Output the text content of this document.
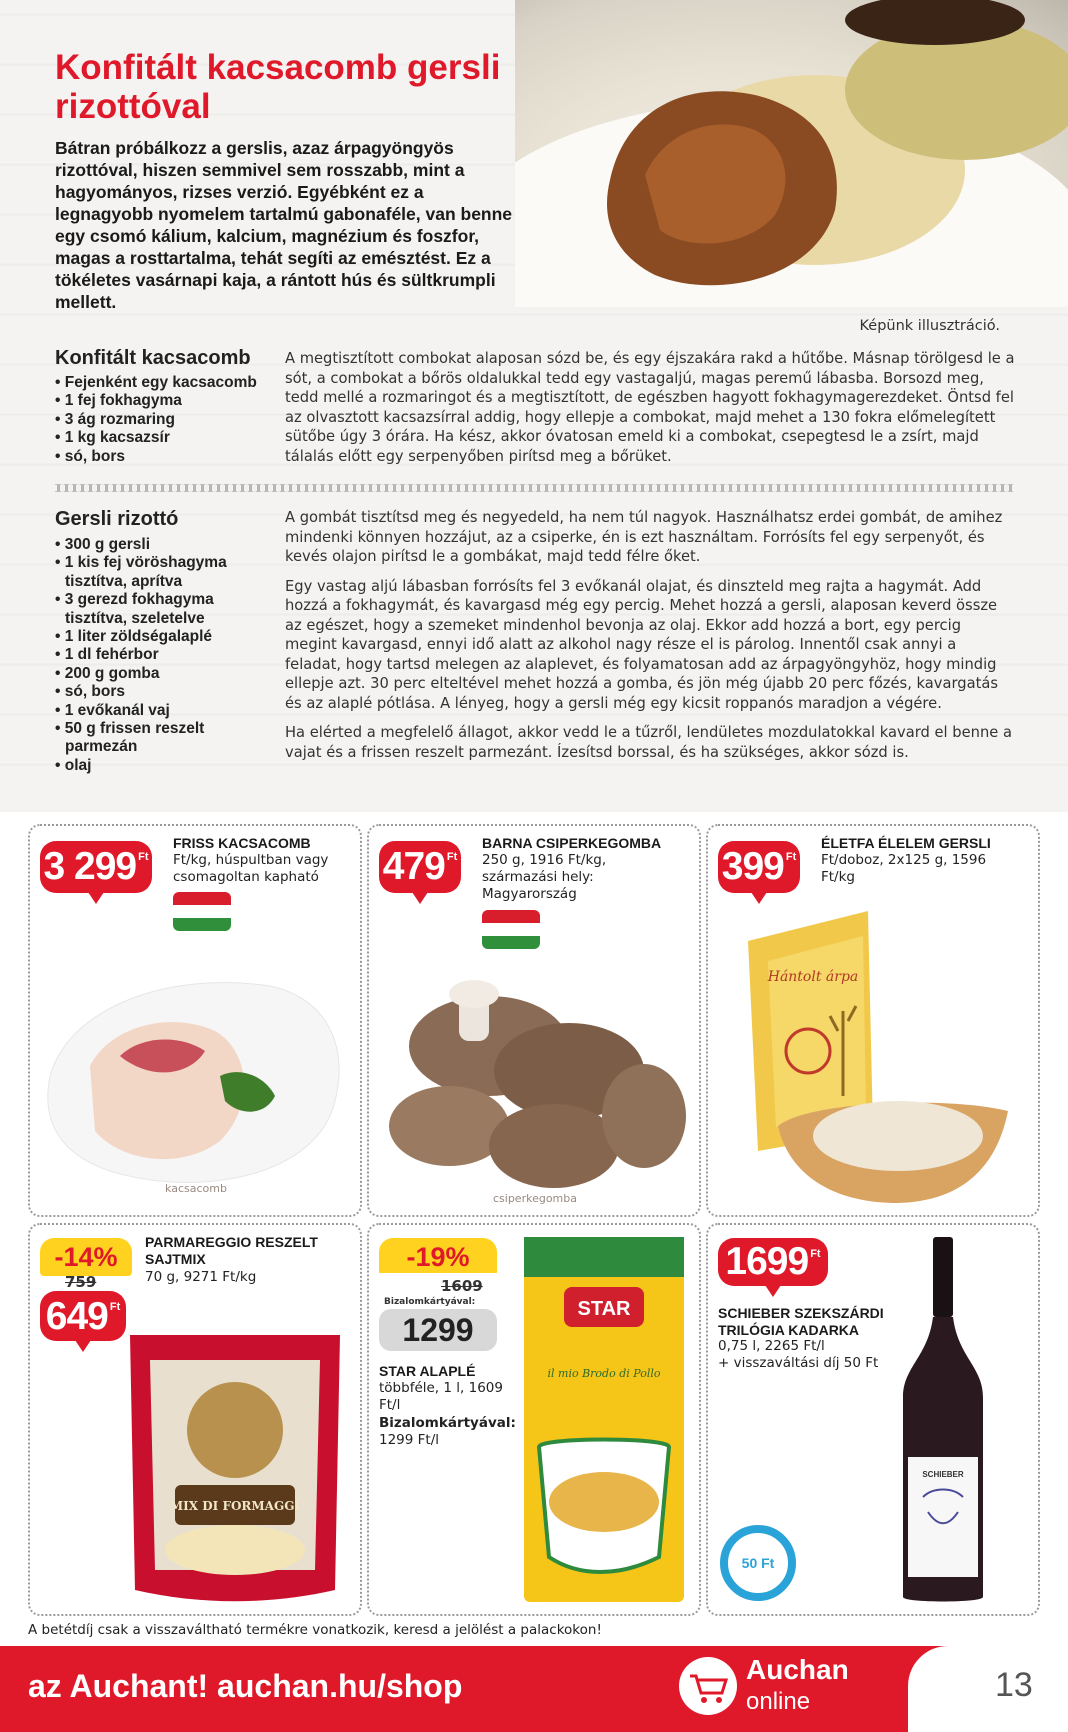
Konfitált kacsacomb gersli rizottóval
Bátran próbálkozz a gerslis, azaz árpagyöngyös rizottóval, hiszen semmivel sem rosszabb, mint a hagyományos, rizses verzió. Egyébként ez a legnagyobb nyomelem tartalmú gabonaféle, van benne egy csomó kálium, kalcium, magnézium és foszfor, magas a rosttartalma, tehát segíti az emésztést. Ez a tökéletes vasárnapi kaja, a rántott hús és sültkrumpli mellett.
Képünk illusztráció.
Konfitált kacsacomb
• Fejenként egy kacsacomb
• 1 fej fokhagyma
• 3 ág rozmaring
• 1 kg kacsazsír
• só, bors

A megtisztított combokat alaposan sózd be, és egy éjszakára rakd a hűtőbe. Másnap törölgesd le a sót, a combokat a bőrös oldalukkal tedd egy vastagaljú, magas peremű lábasba. Borsozd meg, tedd mellé a rozmaringot és a megtisztított, de egészben hagyott fokhagymagerezdeket. Öntsd fel az olvasztott kacsazsírral addig, hogy ellepje a combokat, majd mehet a 130 fokra előmelegített sütőbe úgy 3 órára. Ha kész, akkor óvatosan emeld ki a combokat, csepegtesd le a zsírt, majd tálalás előtt egy serpenyőben pirítsd meg a bőrüket.

Gersli rizottó
• 300 g gersli
• 1 kis fej vöröshagyma tisztítva, aprítva
• 3 gerezd fokhagyma tisztítva, szeletelve
• 1 liter zöldségalaplé
• 1 dl fehérbor
• 200 g gomba
• só, bors
• 1 evőkanál vaj
• 50 g frissen reszelt parmezán
• olaj

A gombát tisztítsd meg és negyedeld, ha nem túl nagyok. Használhatsz erdei gombát, de amihez mindenki könnyen hozzájut, az a csiperke, én is ezt használtam. Forrósíts fel egy serpenyőt, és kevés olajon pirítsd le a gombákat, majd tedd félre őket.

Egy vastag aljú lábasban forrósíts fel 3 evőkanál olajat, és dinszteld meg rajta a hagymát. Add hozzá a fokhagymát, és kavargasd még egy percig. Mehet hozzá a gersli, alaposan keverd össze az egészet, hogy a szemeket mindenhol bevonja az olaj. Ekkor add hozzá a bort, egy percig megint kavargasd, ennyi idő alatt az alkohol nagy része el is párolog. Innentől csak annyi a feladat, hogy tartsd melegen az alaplevet, és folyamatosan add az árpagyöngyhöz, hogy mindig ellepje azt. 30 perc elteltével mehet hozzá a gomba, és jön még újabb 20 perc főzés, kavargatás és az alaplé pótlása. A lényeg, hogy a gersli még egy kicsit roppanós maradjon a végére.

Ha elérted a megfelelő állagot, akkor vedd le a tűzről, lendületes mozdulatokkal kavard el benne a vajat és a frissen reszelt parmezánt. Ízesítsd borssal, és ha szükséges, akkor sózd is.

3 299 Ft
FRISS KACSACOMB
Ft/kg, húspultban vagy csomagoltan kapható
kacsacomb
479 Ft
BARNA CSIPERKEGOMBA
250 g, 1916 Ft/kg, származási hely: Magyarország
csiperkegomba
399 Ft
ÉLETFA ÉLELEM GERSLI
Ft/doboz, 2x125 g, 1596 Ft/kg
Hántolt árpa
-14%
759
649 Ft
PARMAREGGIO RESZELT SAJTMIX
70 g, 9271 Ft/kg
MIX DI FORMAGGI
-19%
1609
Bizalomkártyával:
1299
STAR ALAPLÉ
többféle, 1 l, 1609 Ft/l
Bizalomkártyával:
1299 Ft/l
STAR
il mio Brodo di Pollo
1699 Ft
SCHIEBER SZEKSZÁRDI TRILÓGIA KADARKA
0,75 l, 2265 Ft/l
+ visszaváltási díj 50 Ft
50 Ft
SCHIEBER
A betétdíj csak a visszaváltható termékre vonatkozik, keresd a jelölést a palackokon!
az Auchant! auchan.hu/shop	Auchan
online	13
